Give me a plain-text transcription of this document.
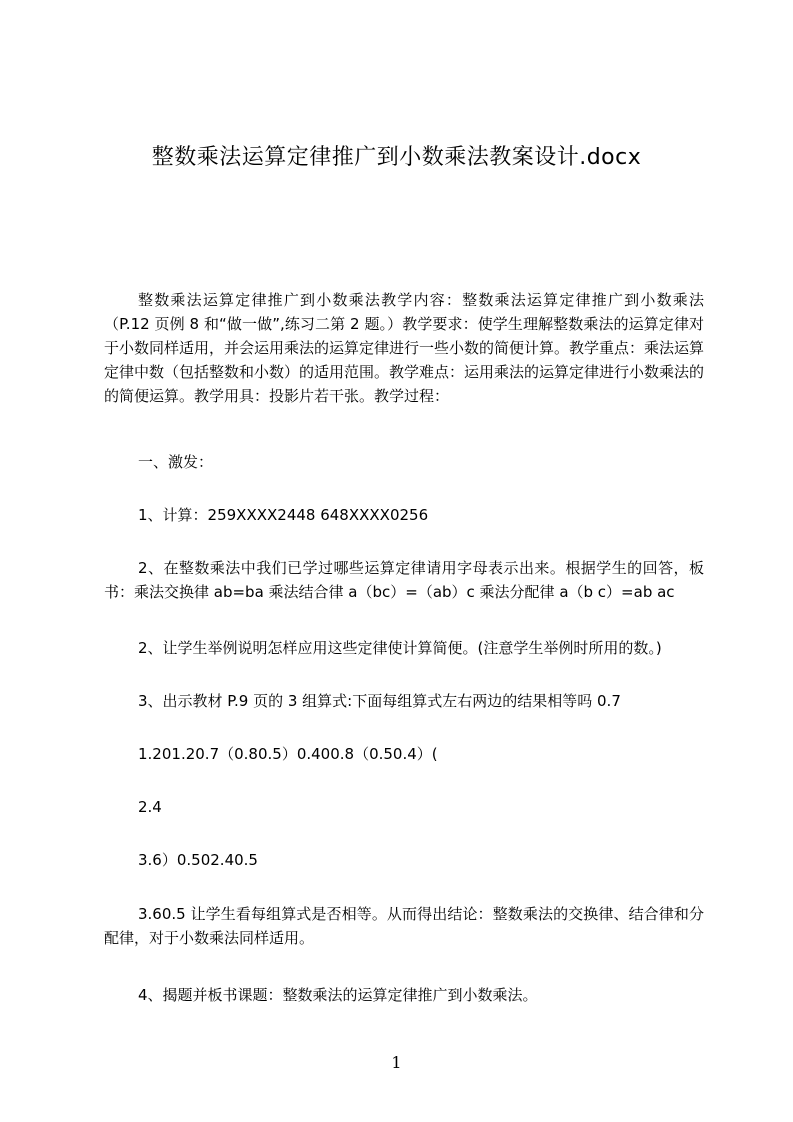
整数乘法运算定律推广到小数乘法教案设计.docx
整数乘法运算定律推广到小数乘法教学内容：整数乘法运算定律推广到小数乘法（P.12 页例 8 和“做一做”,练习二第 2 题。）教学要求：使学生理解整数乘法的运算定律对于小数同样适用，并会运用乘法的运算定律进行一些小数的简便计算。教学重点：乘法运算定律中数（包括整数和小数）的适用范围。教学难点：运用乘法的运算定律进行小数乘法的的简便运算。教学用具：投影片若干张。教学过程：
一、激发：
1、计算：259XXXX2448 648XXXX0256
2、在整数乘法中我们已学过哪些运算定律请用字母表示出来。根据学生的回答，板书：乘法交换律 ab=ba 乘法结合律 a（bc）=（ab）c 乘法分配律 a（b c）=ab ac
2、让学生举例说明怎样应用这些定律使计算简便。(注意学生举例时所用的数。)
3、出示教材 P.9 页的 3 组算式:下面每组算式左右两边的结果相等吗 0.7
1.201.20.7（0.80.5）0.400.8（0.50.4）(
2.4
3.6）0.502.40.5
3.60.5 让学生看每组算式是否相等。从而得出结论：整数乘法的交换律、结合律和分配律，对于小数乘法同样适用。
4、揭题并板书课题：整数乘法的运算定律推广到小数乘法。
1
